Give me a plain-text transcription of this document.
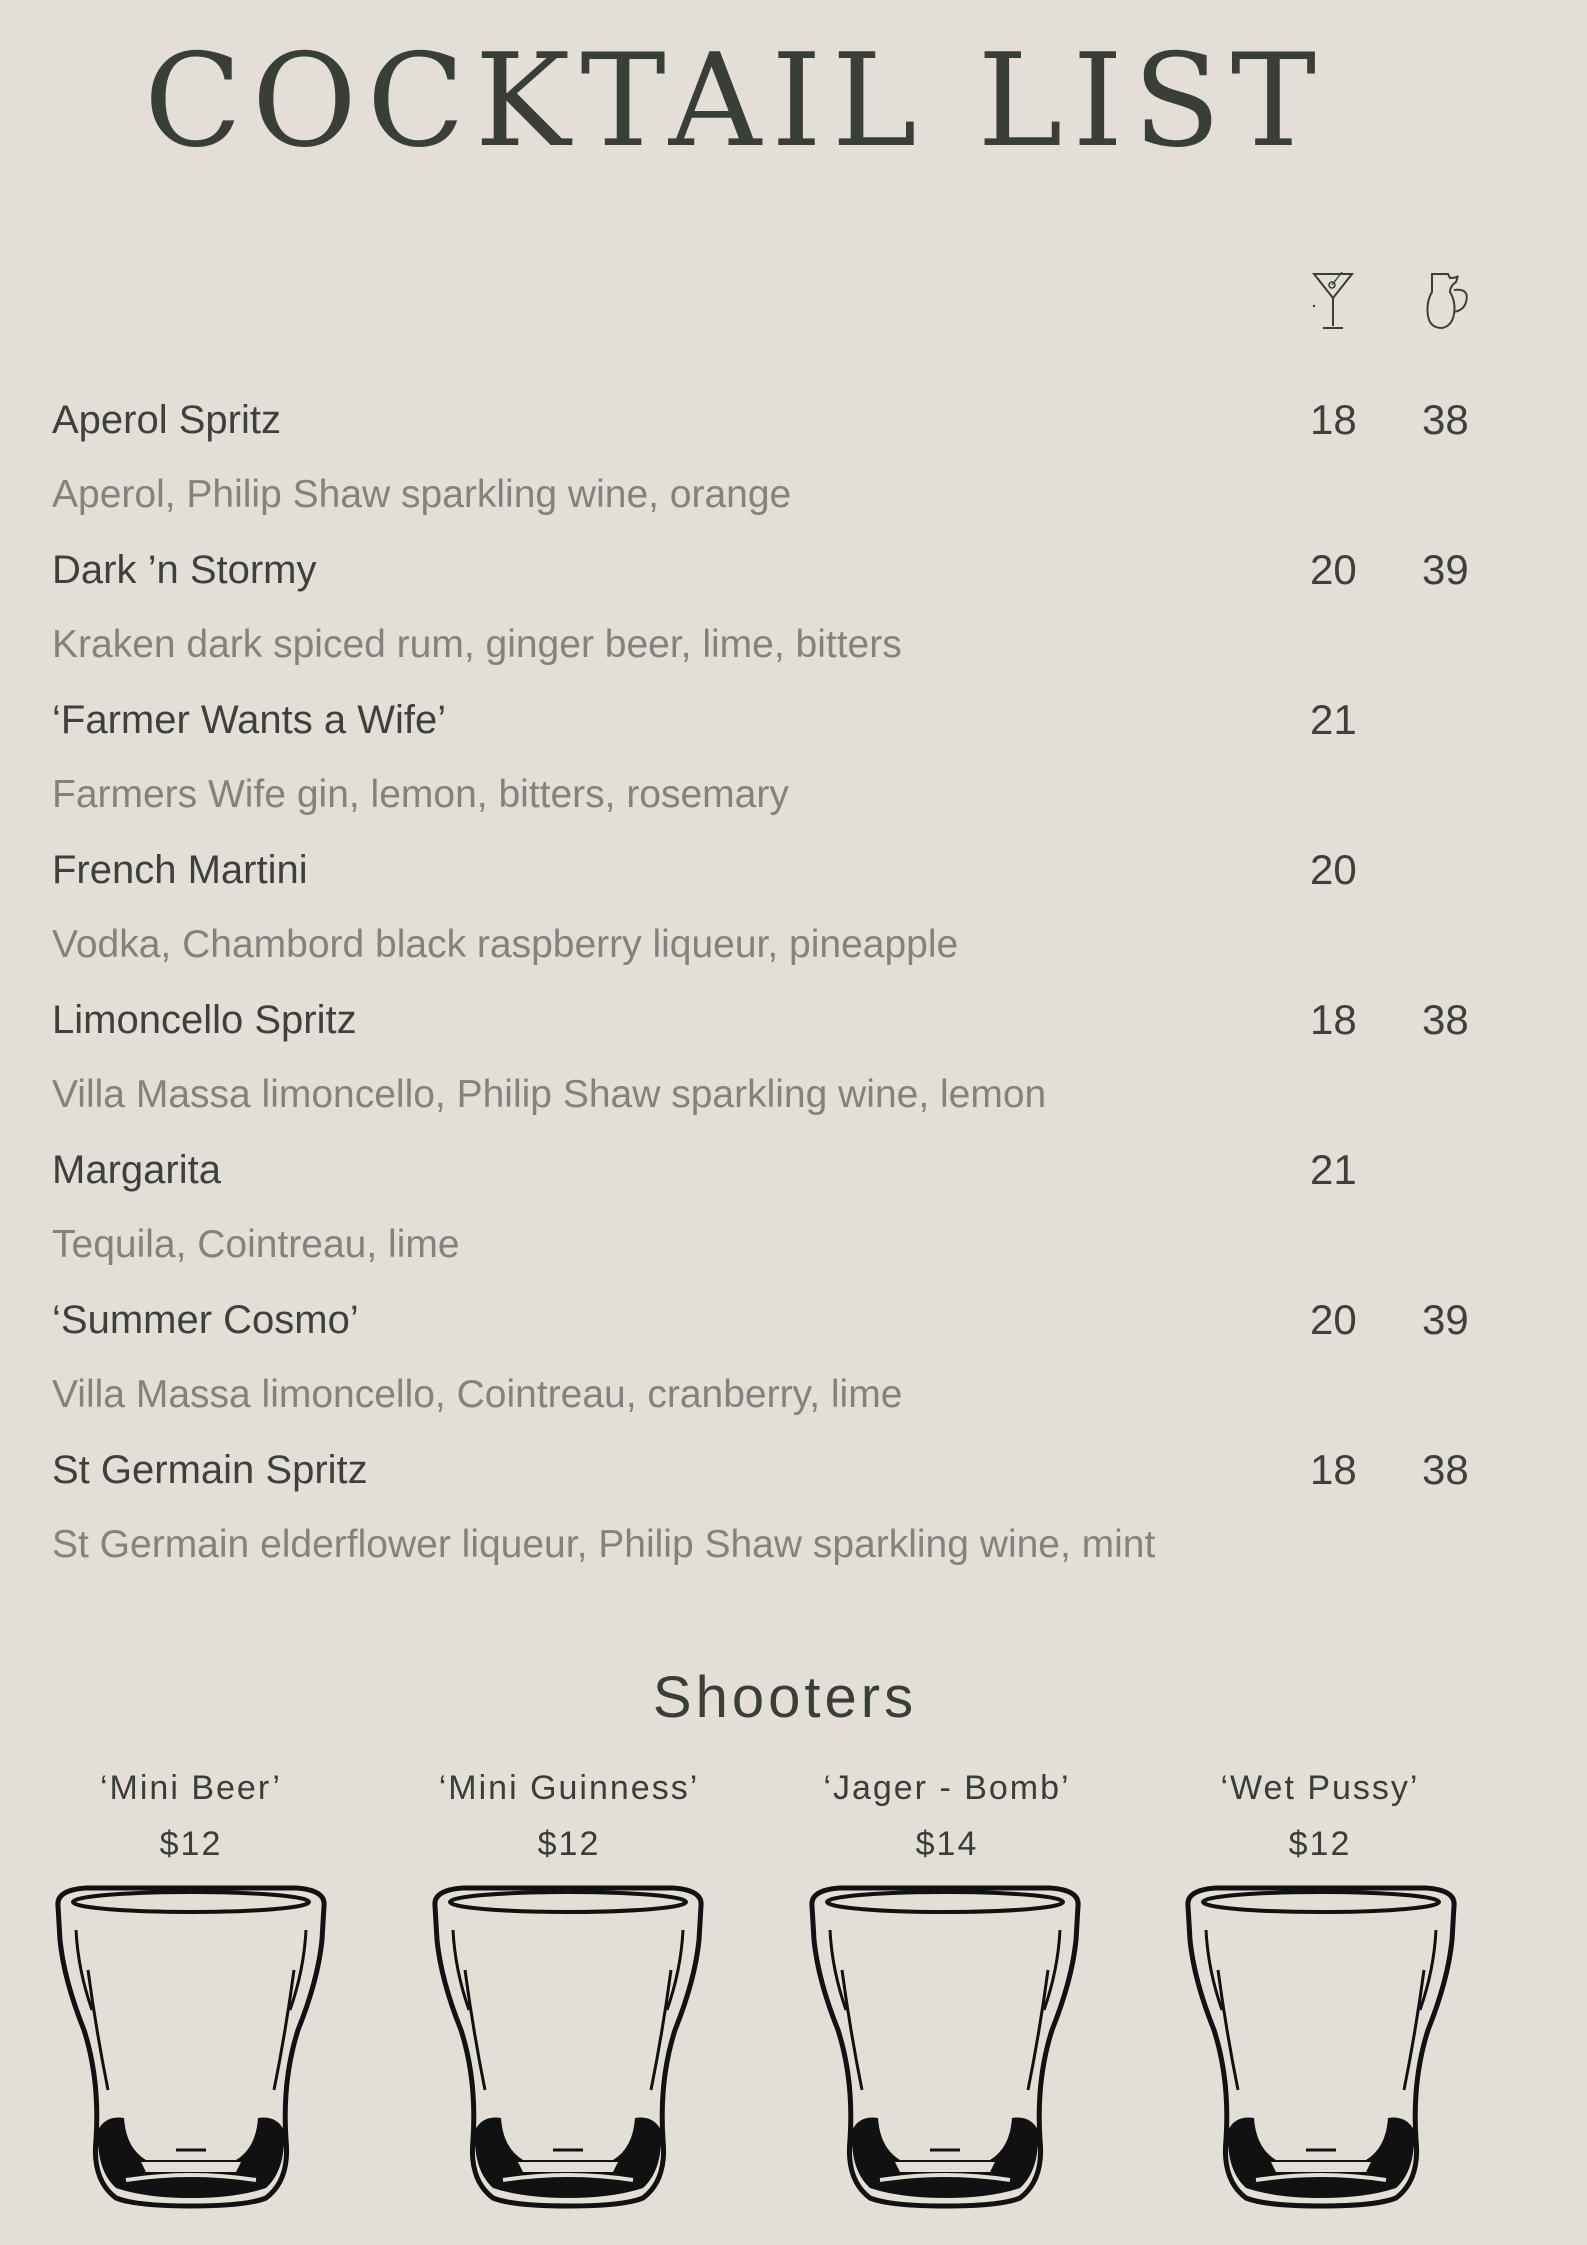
COCKTAIL LIST
Aperol Spritz	18 38
Aperol, Philip Shaw sparkling wine, orange
Dark ’n Stormy	20 39
Kraken dark spiced rum, ginger beer, lime, bitters
‘Farmer Wants a Wife’	21
Farmers Wife gin, lemon, bitters, rosemary
French Martini	20
Vodka, Chambord black raspberry liqueur, pineapple
Limoncello Spritz	18 38
Villa Massa limoncello, Philip Shaw sparkling wine, lemon
Margarita	21
Tequila, Cointreau, lime
‘Summer Cosmo’	20 39
Villa Massa limoncello, Cointreau, cranberry, lime
St Germain Spritz	18 38
St Germain elderflower liqueur, Philip Shaw sparkling wine, mint
Shooters
‘Mini Beer’
$12
‘Mini Guinness’
$12
‘Jager - Bomb’
$14
‘Wet Pussy’
$12
